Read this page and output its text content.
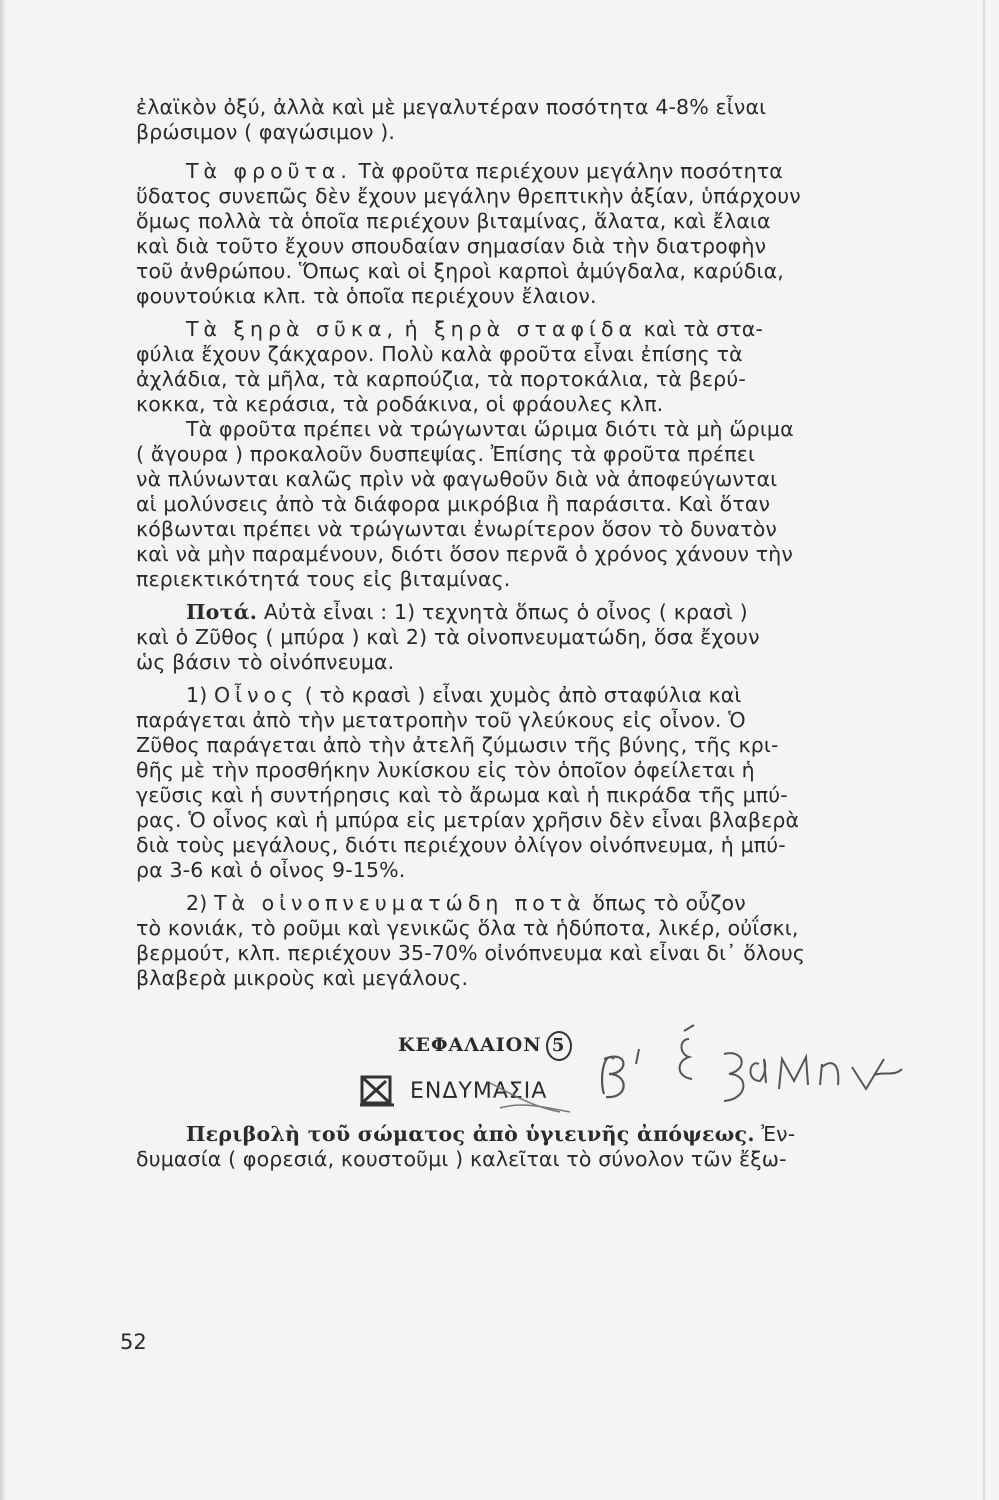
ἐλαϊκὸν ὀξύ, ἀλλὰ καὶ μὲ μεγαλυτέραν ποσότητα 4-8% εἶναι
βρώσιμον ( φαγώσιμον ).
Τὰ φροῦτα. Τὰ φροῦτα περιέχουν μεγάλην ποσότητα
ὕδατος συνεπῶς δὲν ἔχουν μεγάλην θρεπτικὴν ἀξίαν, ὑπάρχουν
ὅμως πολλὰ τὰ ὁποῖα περιέχουν βιταμίνας, ἅλατα, καὶ ἔλαια
καὶ διὰ τοῦτο ἔχουν σπουδαίαν σημασίαν διὰ τὴν διατροφὴν
τοῦ ἀνθρώπου. Ὅπως καὶ οἱ ξηροὶ καρποὶ ἀμύγδαλα, καρύδια,
φουντούκια κλπ. τὰ ὁποῖα περιέχουν ἔλαιον.
Τὰ ξηρὰ σῦκα, ἡ ξηρὰ σταφίδα καὶ τὰ στα-
φύλια ἔχουν ζάκχαρον. Πολὺ καλὰ φροῦτα εἶναι ἐπίσης τὰ
ἀχλάδια, τὰ μῆλα, τὰ καρπούζια, τὰ πορτοκάλια, τὰ βερύ-
κοκκα, τὰ κεράσια, τὰ ροδάκινα, οἱ φράουλες κλπ.
Τὰ φροῦτα πρέπει νὰ τρώγωνται ὥριμα διότι τὰ μὴ ὥριμα
( ἄγουρα ) προκαλοῦν δυσπεψίας. Ἐπίσης τὰ φροῦτα πρέπει
νὰ πλύνωνται καλῶς πρὶν νὰ φαγωθοῦν διὰ νὰ ἀποφεύγωνται
αἱ μολύνσεις ἀπὸ τὰ διάφορα μικρόβια ἢ παράσιτα. Καὶ ὅταν
κόβωνται πρέπει νὰ τρώγωνται ἐνωρίτερον ὅσον τὸ δυνατὸν
καὶ νὰ μὴν παραμένουν, διότι ὅσον περνᾶ ὁ χρόνος χάνουν τὴν
περιεκτικότητά τους εἰς βιταμίνας.
Ποτά. Αὐτὰ εἶναι : 1) τεχνητὰ ὅπως ὁ οἶνος ( κρασὶ )
καὶ ὁ Ζῦθος ( μπύρα ) καὶ 2) τὰ οἰνοπνευματώδη, ὅσα ἔχουν
ὡς βάσιν τὸ οἰνόπνευμα.
1) Οἶνος ( τὸ κρασὶ ) εἶναι χυμὸς ἀπὸ σταφύλια καὶ
παράγεται ἀπὸ τὴν μετατροπὴν τοῦ γλεύκους εἰς οἶνον. Ὁ
Ζῦθος παράγεται ἀπὸ τὴν ἀτελῆ ζύμωσιν τῆς βύνης, τῆς κρι-
θῆς μὲ τὴν προσθήκην λυκίσκου εἰς τὸν ὁποῖον ὀφείλεται ἡ
γεῦσις καὶ ἡ συντήρησις καὶ τὸ ἄρωμα καὶ ἡ πικράδα τῆς μπύ-
ρας. Ὁ οἶνος καὶ ἡ μπύρα εἰς μετρίαν χρῆσιν δὲν εἶναι βλαβερὰ
διὰ τοὺς μεγάλους, διότι περιέχουν ὀλίγον οἰνόπνευμα, ἡ μπύ-
ρα 3-6 καὶ ὁ οἶνος 9-15%.
2) Τὰ οἰνοπνευματώδη ποτὰ ὅπως τὸ οὖζον
τὸ κονιάκ, τὸ ροῦμι καὶ γενικῶς ὅλα τὰ ἡδύποτα, λικέρ, οὐΐσκι,
βερμούτ, κλπ. περιέχουν 35-70% οἰνόπνευμα καὶ εἶναι δι᾽ ὅλους
βλαβερὰ μικροὺς καὶ μεγάλους.
ΚΕΦΑΛΑΙΟΝ 5
ΕΝΔΥΜΑΣΙΑ
Περιβολὴ τοῦ σώματος ἀπὸ ὑγιεινῆς ἀπόψεως. Ἐν-
δυμασία ( φορεσιά, κουστοῦμι ) καλεῖται τὸ σύνολον τῶν ἔξω-
52
